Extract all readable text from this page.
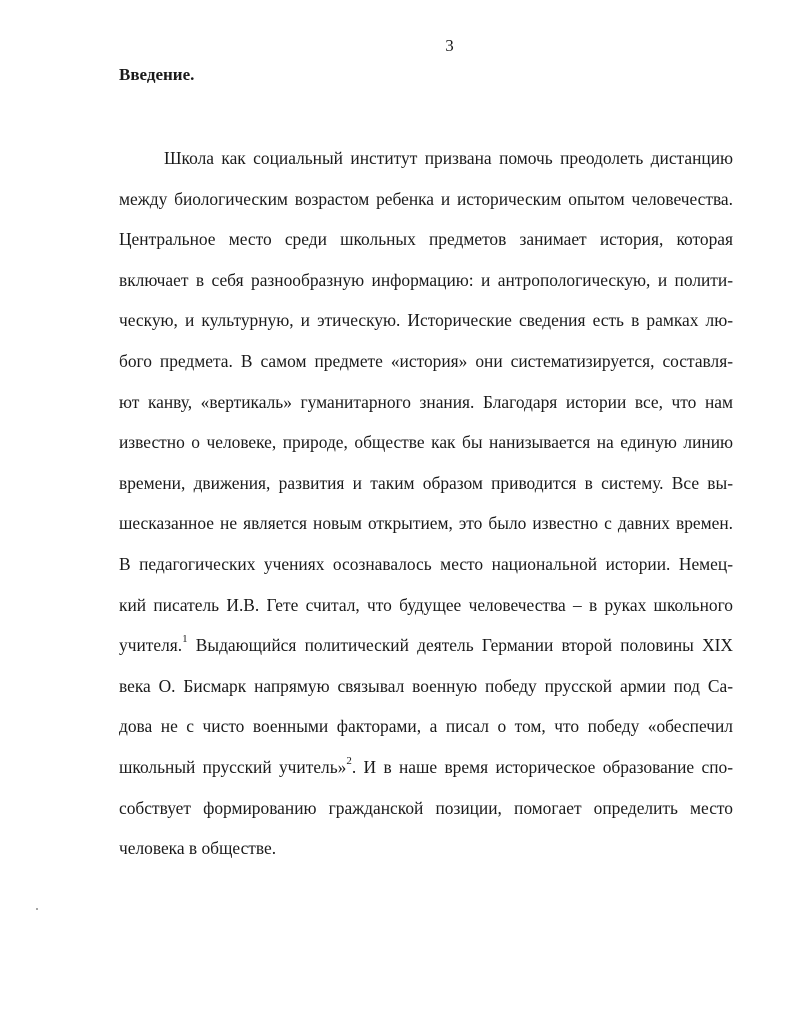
3
Введение.
Школа как социальный институт призвана помочь преодолеть дистанцию
между биологическим возрастом ребенка и историческим опытом человечества.
Центральное место среди школьных предметов занимает история, которая
включает в себя разнообразную информацию: и антропологическую, и полити-
ческую, и культурную, и этическую. Исторические сведения есть в рамках лю-
бого предмета. В самом предмете «история» они систематизируется, составля-
ют канву, «вертикаль» гуманитарного знания. Благодаря истории все, что нам
известно о человеке, природе, обществе как бы нанизывается на единую линию
времени, движения, развития и таким образом приводится в систему. Все вы-
шесказанное не является новым открытием, это было известно с давних времен.
В педагогических учениях осознавалось место национальной истории. Немец-
кий писатель И.В. Гете считал, что будущее человечества – в руках школьного
учителя.$^1$ Выдающийся политический деятель Германии второй половины XIX
века О. Бисмарк напрямую связывал военную победу прусской армии под Са-
дова не с чисто военными факторами, а писал о том, что победу «обеспечил
школьный прусский учитель»$^2$. И в наше время историческое образование спо-
собствует формированию гражданской позиции, помогает определить место
человека в обществе.
